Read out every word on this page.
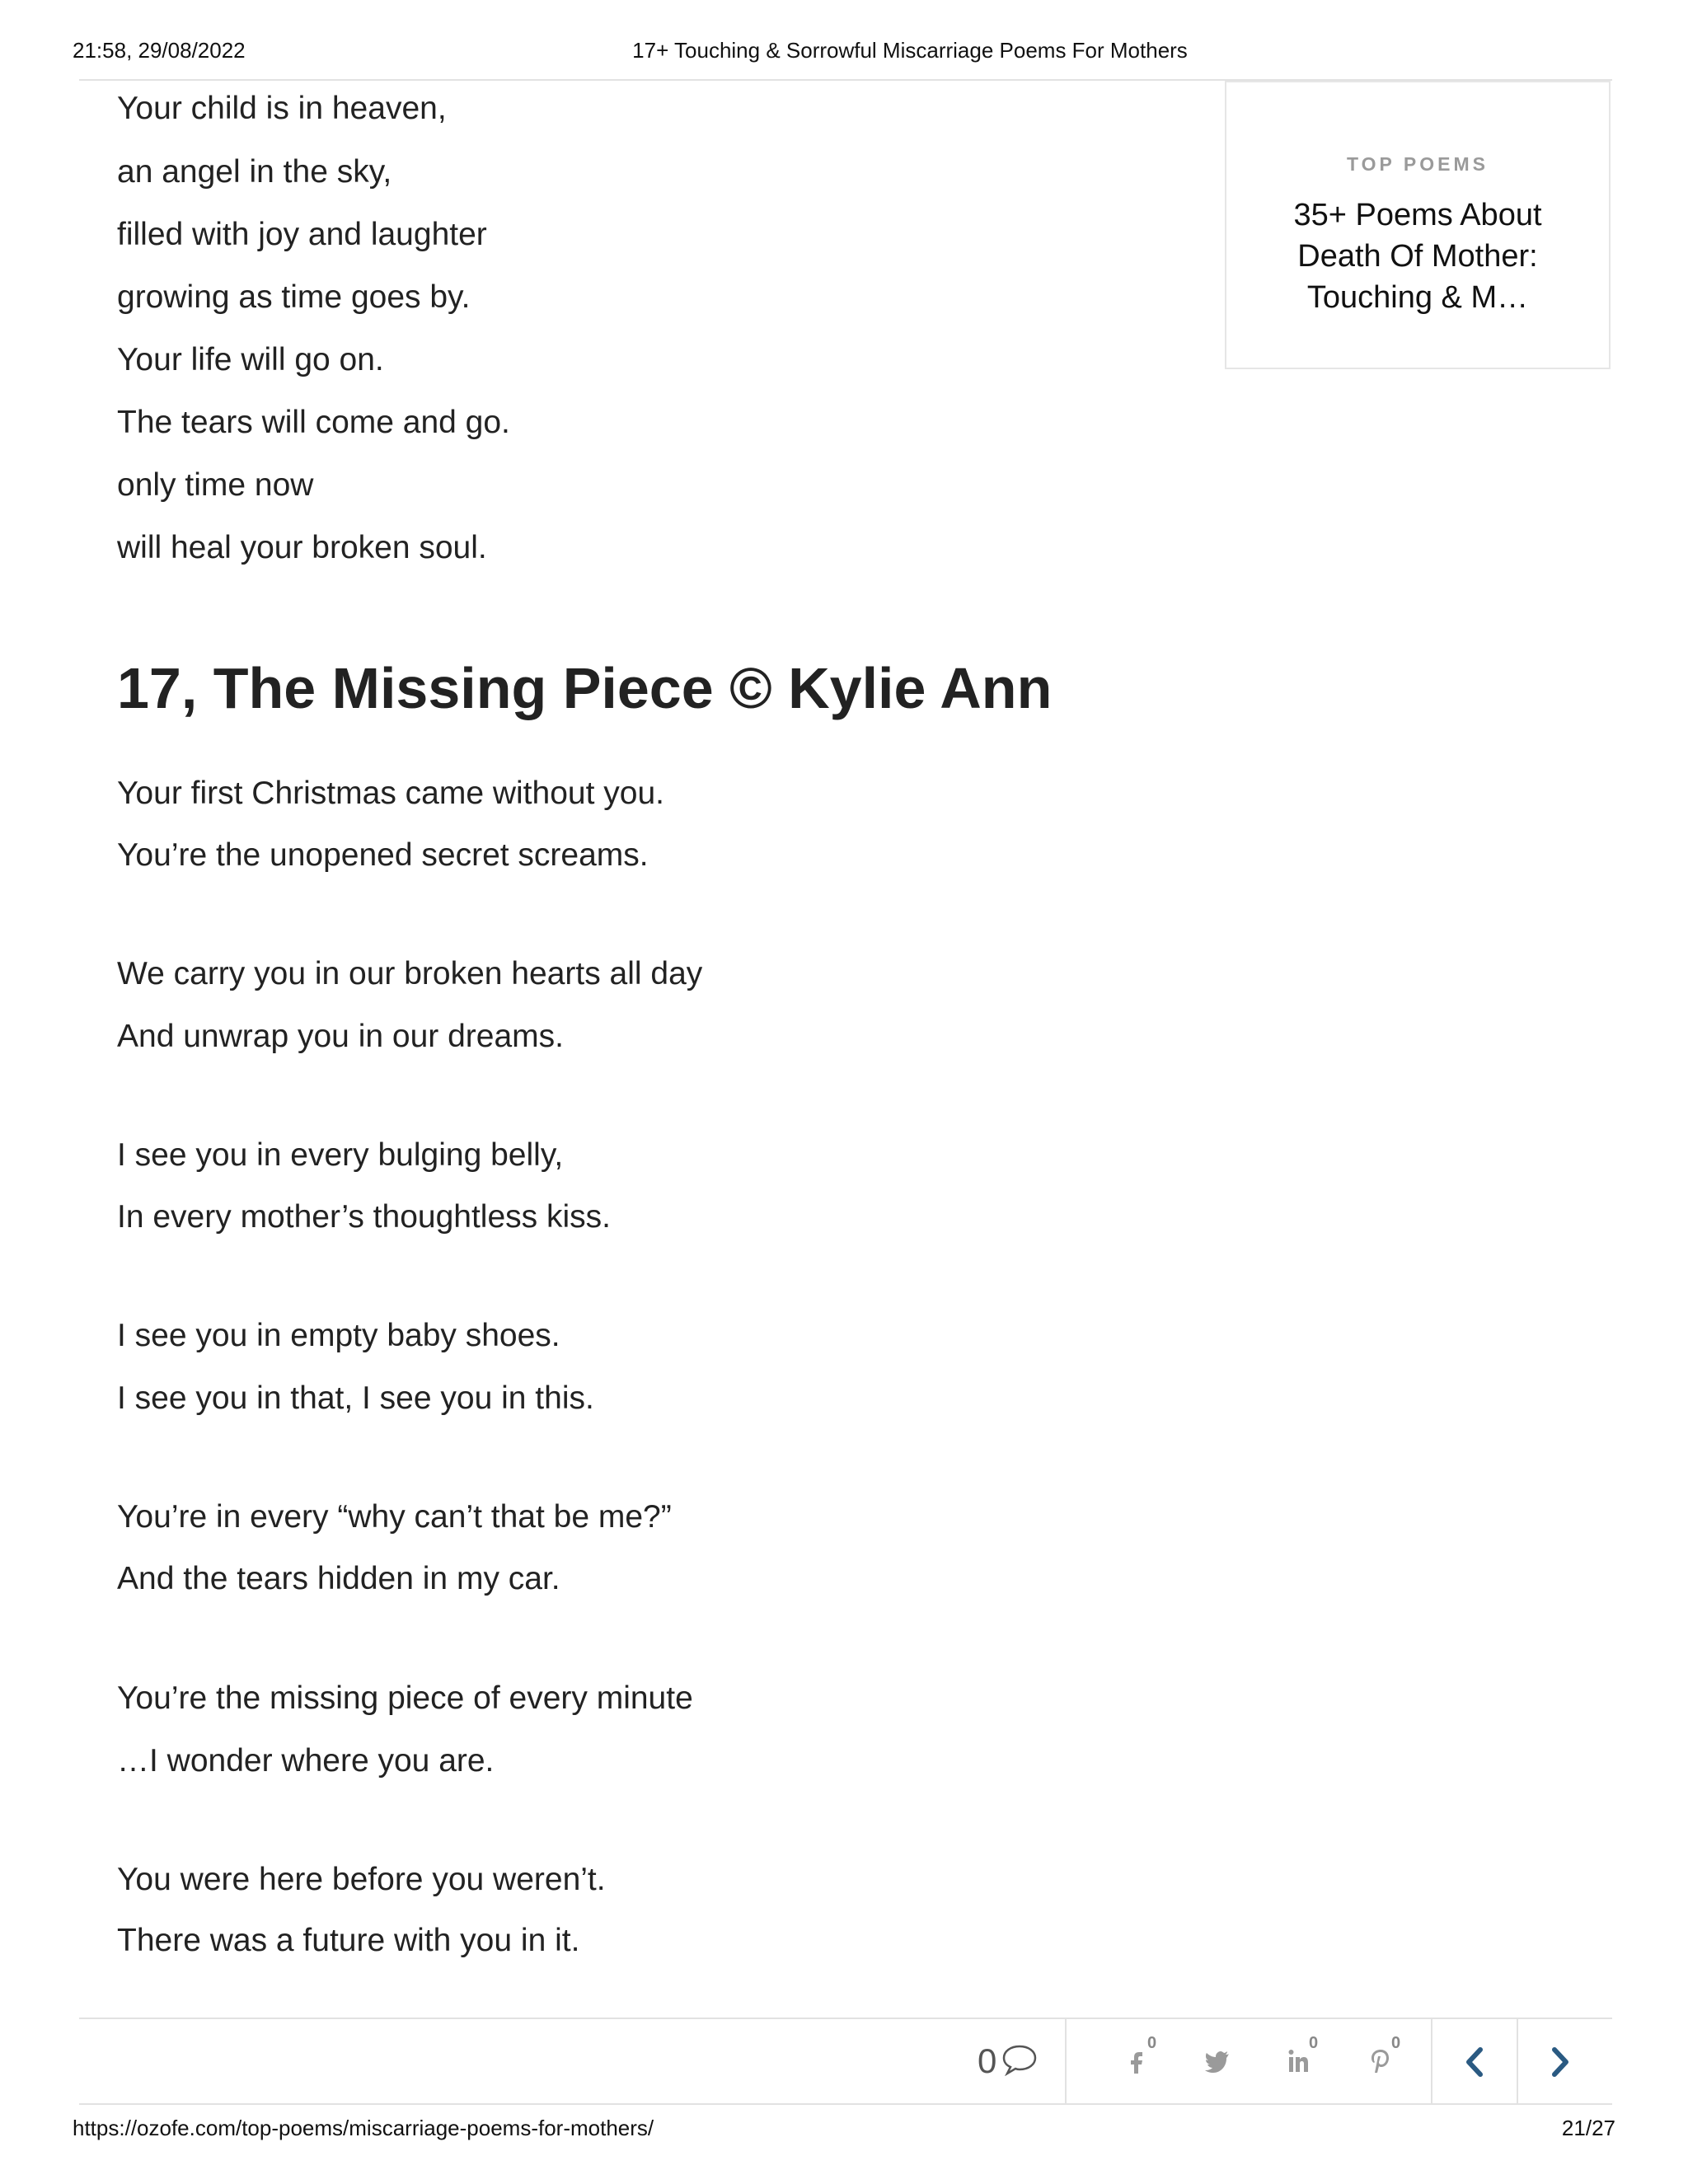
21:58, 29/08/2022	17+ Touching & Sorrowful Miscarriage Poems For Mothers
Your child is in heaven,
an angel in the sky,
filled with joy and laughter
growing as time goes by.
Your life will go on.
The tears will come and go.
only time now
will heal your broken soul.
17, The Missing Piece © Kylie Ann
Your first Christmas came without you.
You’re the unopened secret screams.
We carry you in our broken hearts all day
And unwrap you in our dreams.
I see you in every bulging belly,
In every mother’s thoughtless kiss.
I see you in empty baby shoes.
I see you in that, I see you in this.
You’re in every “why can’t that be me?”
And the tears hidden in my car.
You’re the missing piece of every minute
…I wonder where you are.
You were here before you weren’t.
There was a future with you in it.
TOP POEMS
35+ Poems About Death Of Mother: Touching & M…
0	0	0	0
https://ozofe.com/top-poems/miscarriage-poems-for-mothers/	21/27
